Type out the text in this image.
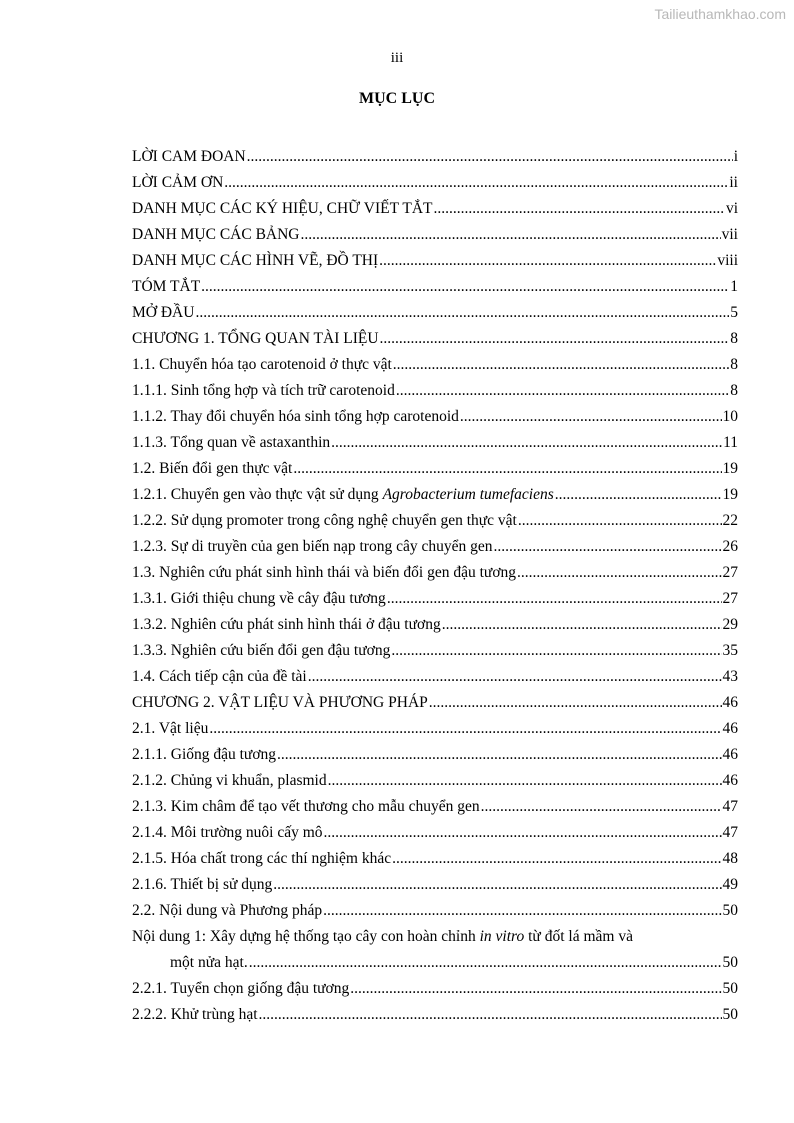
Tailieuthamkhao.com
iii
MỤC LỤC
LỜI CAM ĐOAN .....	i
LỜI CẢM ƠN .....	ii
DANH MỤC CÁC KÝ HIỆU, CHỮ VIẾT TẮT .....	vi
DANH MỤC CÁC BẢNG .....	vii
DANH MỤC CÁC HÌNH VẼ, ĐỒ THỊ .....	viii
TÓM TẮT .....	1
MỞ ĐẦU .....	5
CHƯƠNG 1. TỔNG QUAN TÀI LIỆU .....	8
1.1. Chuyển hóa tạo carotenoid ở thực vật .....	8
1.1.1. Sinh tổng hợp và tích trữ carotenoid .....	8
1.1.2. Thay đổi chuyển hóa sinh tổng hợp carotenoid .....	10
1.1.3. Tổng quan về astaxanthin .....	11
1.2. Biến đổi gen thực vật .....	19
1.2.1. Chuyển gen vào thực vật sử dụng Agrobacterium tumefaciens .....	19
1.2.2. Sử dụng promoter trong công nghệ chuyển gen thực vật .....	22
1.2.3. Sự di truyền của gen biến nạp trong cây chuyển gen .....	26
1.3. Nghiên cứu phát sinh hình thái và biến đổi gen đậu tương .....	27
1.3.1. Giới thiệu chung về cây đậu tương .....	27
1.3.2. Nghiên cứu phát sinh hình thái ở đậu tương .....	29
1.3.3. Nghiên cứu biến đổi gen đậu tương .....	35
1.4. Cách tiếp cận của đề tài .....	43
CHƯƠNG 2. VẬT LIỆU VÀ PHƯƠNG PHÁP .....	46
2.1. Vật liệu .....	46
2.1.1. Giống đậu tương .....	46
2.1.2. Chủng vi khuẩn, plasmid .....	46
2.1.3. Kim châm để tạo vết thương cho mẫu chuyển gen .....	47
2.1.4. Môi trường nuôi cấy mô .....	47
2.1.5. Hóa chất trong các thí nghiệm khác .....	48
2.1.6. Thiết bị sử dụng .....	49
2.2. Nội dung và Phương pháp .....	50
Nội dung 1: Xây dựng hệ thống tạo cây con hoàn chỉnh in vitro từ đốt lá mầm và
một nửa hạt. .....	50
2.2.1. Tuyển chọn giống đậu tương .....	50
2.2.2. Khử trùng hạt .....	50
